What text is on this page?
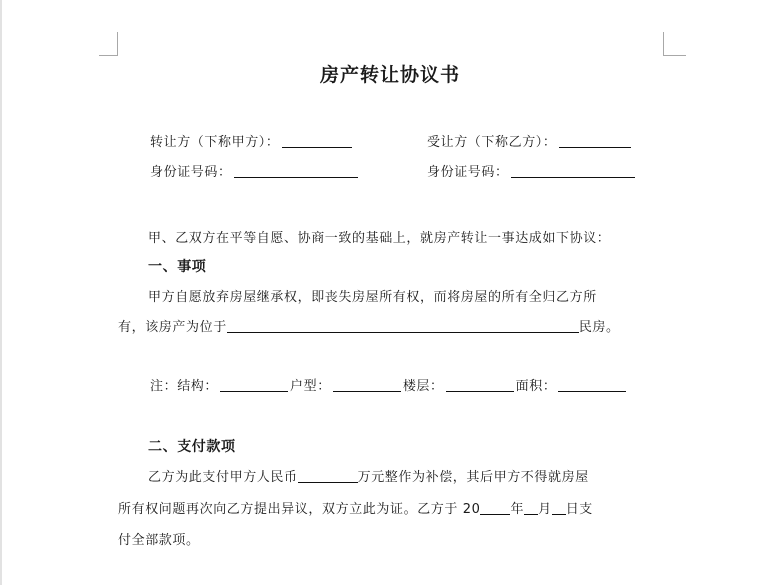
房产转让协议书
转让方（下称甲方）：	受让方（下称乙方）：
身份证号码：	身份证号码：
甲、乙双方在平等自愿、协商一致的基础上，就房产转让一事达成如下协议：
一、事项
甲方自愿放弃房屋继承权，即丧失房屋所有权，而将房屋的所有全归乙方所
有，该房产为位于	民房。
注：结构：	户型：	楼层：	面积：
二、支付款项
乙方为此支付甲方人民币	万元整作为补偿，其后甲方不得就房屋
所有权问题再次向乙方提出异议，双方立此为证。乙方于 20 年 月 日支
付全部款项。
